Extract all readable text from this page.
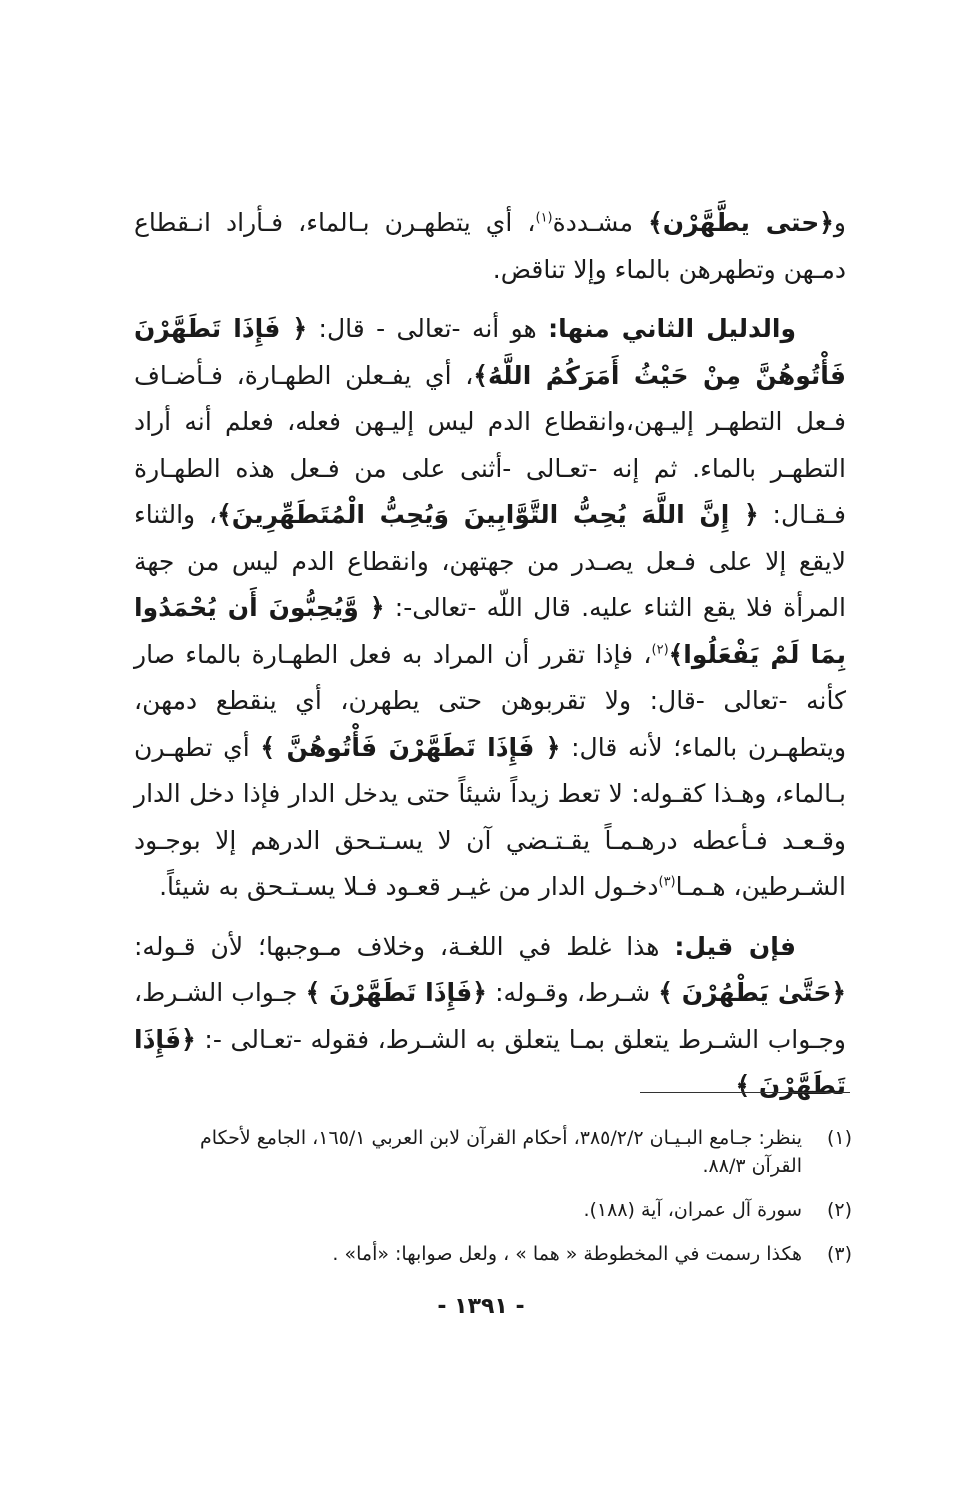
و﴿حتى يطَّهَّرْن﴾ مشـددة$^{(١)}$، أي يتطهـرن بـالماء، فـأراد انـقطاع دمـهن وتطهرهن بالماء وإلا تناقض.

والدليل الثاني منها: هو أنه -تعالى - قال: ﴿ فَإِذَا تَطَهَّرْنَ فَأْتُوهُنَّ مِنْ حَيْثُ أَمَرَكُمُ اللَّهُ﴾، أي يفـعلن الطهـارة، فـأضـاف فـعل التطهـر إليـهن،وانقطاع الدم ليس إليـهن فعله، فعلم أنه أراد التطهـر بالماء. ثم إنه -تعـالى -أثنى على من فـعل هذه الطهـارة فـقـال: ﴿ إِنَّ اللَّهَ يُحِبُّ التَّوَّابِينَ وَيُحِبُّ الْمُتَطَهِّرِينَ﴾، والثناء لايقع إلا على فـعل يصـدر من جهتهن، وانقطاع الدم ليس من جهة المرأة فلا يقع الثناء عليه. قال اللّه -تعالى-: ﴿ وَّيُحِبُّونَ أَن يُحْمَدُوا بِمَا لَمْ يَفْعَلُوا﴾$^{(٢)}$، فإذا تقرر أن المراد به فعل الطهـارة بالماء صار كأنه -تعالى -قال: ولا تقربوهن حتى يطهرن، أي ينقطع دمهن، ويتطهـرن بالماء؛ لأنه قال: ﴿ فَإِذَا تَطَهَّرْنَ فَأْتُوهُنَّ ﴾ أي تطهـرن بـالماء، وهـذا كقـوله: لا تعط زيداً شيئاً حتى يدخل الدار فإذا دخل الدار وقـعـد فـأعطه درهـمـاً يقـتـضي آن لا يسـتـحق الدرهم إلا بوجـود الشـرطين، هـمـا$^{(٣)}$دخـول الدار من غيـر قعـود فـلا يسـتـحق به شيئاً.

فإن قيل: هذا غلط في اللغـة، وخلاف مـوجبها؛ لأن قـوله: ﴿حَتَّىٰ يَطْهُرْنَ ﴾ شـرط، وقـوله: ﴿فَإِذَا تَطَهَّرْنَ ﴾ جـواب الشـرط، وجـواب الشـرط يتعلق بمـا يتعلق به الشـرط، فقوله -تعـالى -: ﴿فَإِذَا تَطَهَّرْنَ ﴾

(١)
ينظر: جـامع البـيـان ٣٨٥/٢/٢، أحكام القرآن لابن العربي ١٦٥/١، الجامع لأحكام القرآن ٨٨/٣.
(٢)
سورة آل عمران، آية (١٨٨).
(٣)
هكذا رسمت في المخطوطة « هما » ، ولعل صوابها: «أما» .
- ١٣٩١ -
